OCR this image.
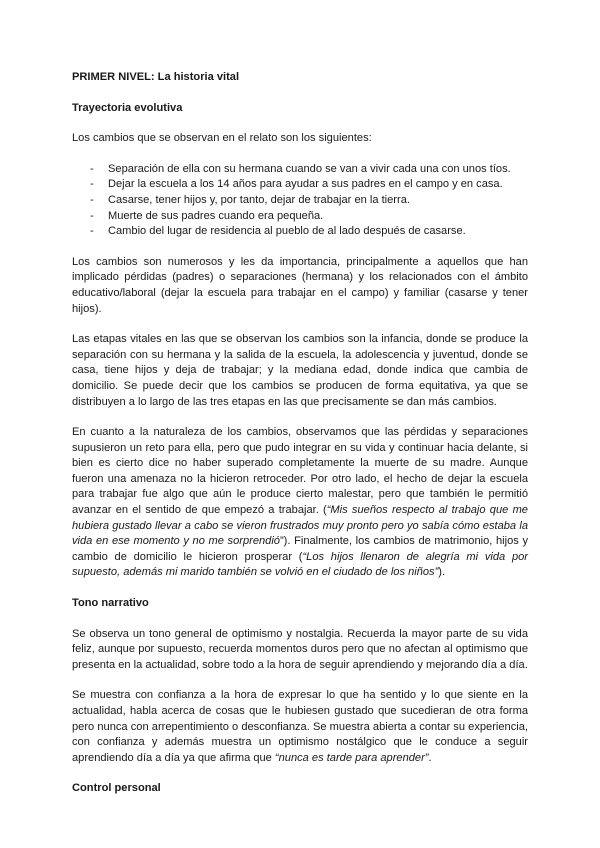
PRIMER NIVEL: La historia vital
Trayectoria evolutiva

Los cambios que se observan en el relato son los siguientes:

- Separación de ella con su hermana cuando se van a vivir cada una con unos tíos.
- Dejar la escuela a los 14 años para ayudar a sus padres en el campo y en casa.
- Casarse, tener hijos y, por tanto, dejar de trabajar en la tierra.
- Muerte de sus padres cuando era pequeña.
- Cambio del lugar de residencia al pueblo de al lado después de casarse.

Los cambios son numerosos y les da importancia, principalmente a aquellos que han implicado pérdidas (padres) o separaciones (hermana) y los relacionados con el ámbito educativo/laboral (dejar la escuela para trabajar en el campo) y familiar (casarse y tener hijos).

Las etapas vitales en las que se observan los cambios son la infancia, donde se produce la separación con su hermana y la salida de la escuela, la adolescencia y juventud, donde se casa, tiene hijos y deja de trabajar; y la mediana edad, donde indica que cambia de domicilio. Se puede decir que los cambios se producen de forma equitativa, ya que se distribuyen a lo largo de las tres etapas en las que precisamente se dan más cambios.

En cuanto a la naturaleza de los cambios, observamos que las pérdidas y separaciones supusieron un reto para ella, pero que pudo integrar en su vida y continuar hacia delante, si bien es cierto dice no haber superado completamente la muerte de su madre. Aunque fueron una amenaza no la hicieron retroceder. Por otro lado, el hecho de dejar la escuela para trabajar fue algo que aún le produce cierto malestar, pero que también le permitió avanzar en el sentido de que empezó a trabajar. (“Mis sueños respecto al trabajo que me hubiera gustado llevar a cabo se vieron frustrados muy pronto pero yo sabía cómo estaba la vida en ese momento y no me sorprendió”). Finalmente, los cambios de matrimonio, hijos y cambio de domicilio le hicieron prosperar (“Los hijos llenaron de alegría mi vida por supuesto, además mi marido también se volvió en el ciudado de los niños”).

Tono narrativo

Se observa un tono general de optimismo y nostalgia. Recuerda la mayor parte de su vida feliz, aunque por supuesto, recuerda momentos duros pero que no afectan al optimismo que presenta en la actualidad, sobre todo a la hora de seguir aprendiendo y mejorando día a día.

Se muestra con confianza a la hora de expresar lo que ha sentido y lo que siente en la actualidad, habla acerca de cosas que le hubiesen gustado que sucedieran de otra forma pero nunca con arrepentimiento o desconfianza. Se muestra abierta a contar su experiencia, con confianza y además muestra un optimismo nostálgico que le conduce a seguir aprendiendo día a día ya que afirma que “nunca es tarde para aprender”.

Control personal
